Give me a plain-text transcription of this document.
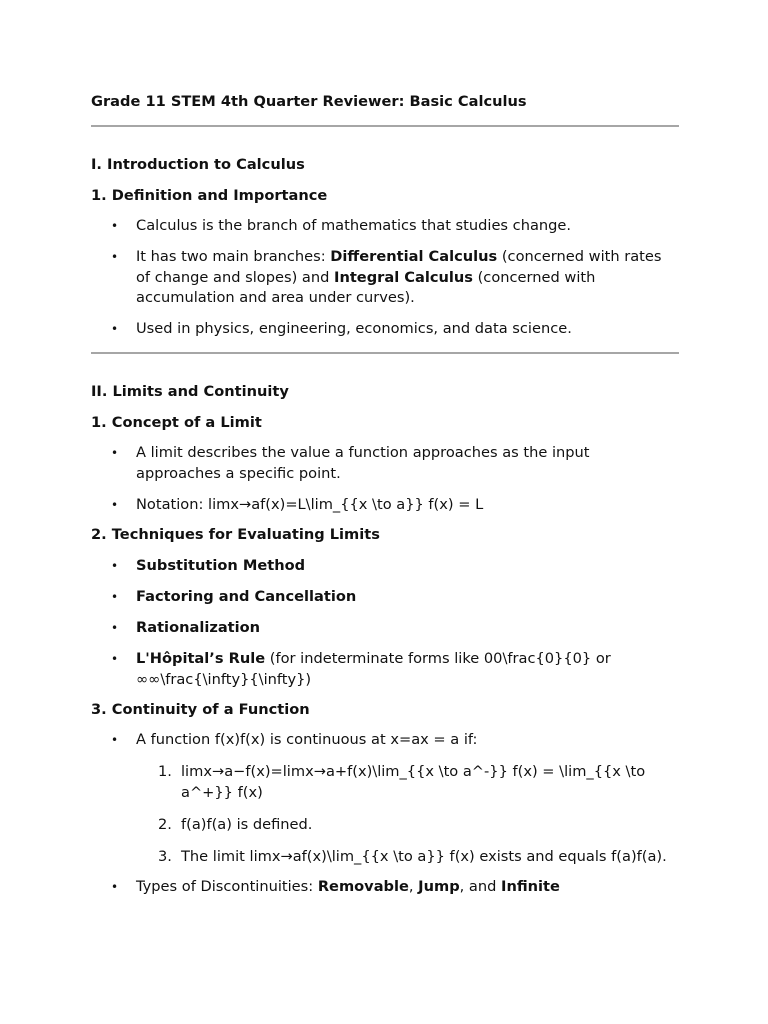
Grade 11 STEM 4th Quarter Reviewer: Basic Calculus
I. Introduction to Calculus
1. Definition and Importance
• Calculus is the branch of mathematics that studies change.
• It has two main branches: Differential Calculus (concerned with rates of change and slopes) and Integral Calculus (concerned with accumulation and area under curves).
• Used in physics, engineering, economics, and data science.
II. Limits and Continuity
1. Concept of a Limit
• A limit describes the value a function approaches as the input approaches a specific point.
• Notation: limx→af(x)=L\lim_{{x \to a}} f(x) = L
2. Techniques for Evaluating Limits
• Substitution Method
• Factoring and Cancellation
• Rationalization
• L'Hôpital’s Rule (for indeterminate forms like 00\frac{0}{0} or ∞∞\frac{\infty}{\infty})
3. Continuity of a Function
• A function f(x)f(x) is continuous at x=ax = a if:
1. limx→a−f(x)=limx→a+f(x)\lim_{{x \to a^-}} f(x) = \lim_{{x \to a^+}} f(x)
2. f(a)f(a) is defined.
3. The limit limx→af(x)\lim_{{x \to a}} f(x) exists and equals f(a)f(a).
• Types of Discontinuities: Removable, Jump, and Infinite
